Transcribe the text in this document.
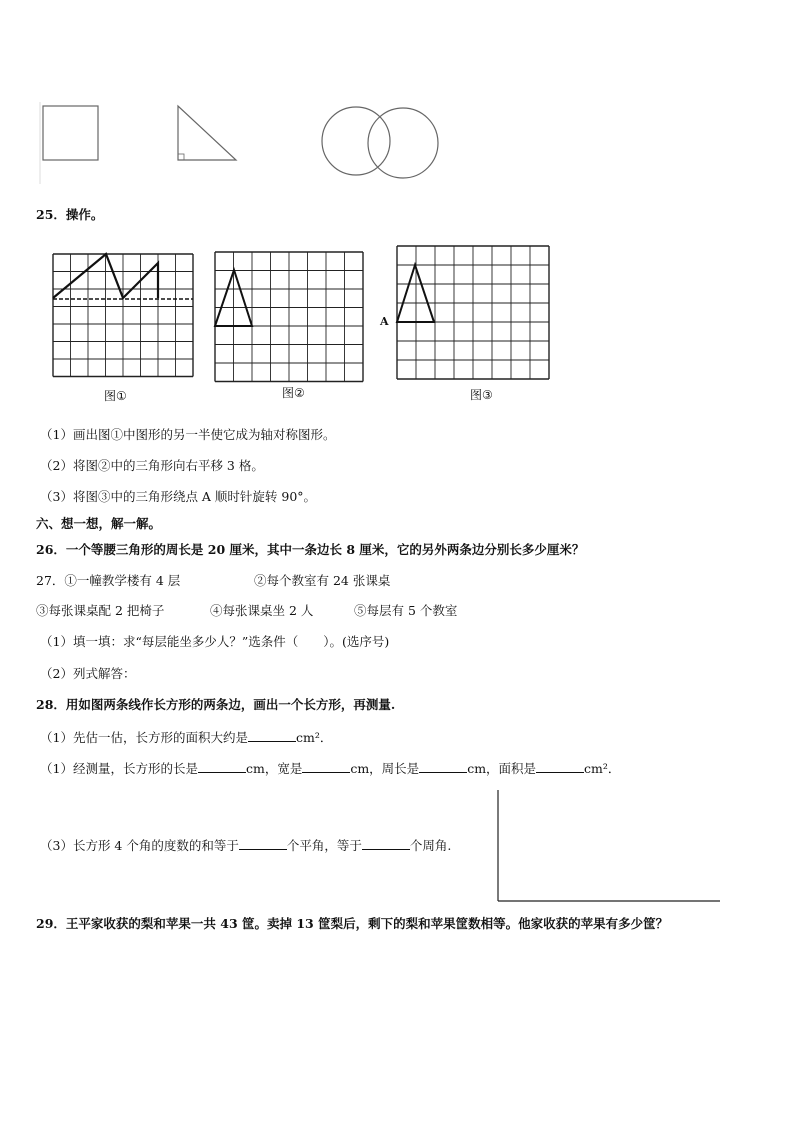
25．操作。
图①	图②	图③
A
（1）画出图①中图形的另一半使它成为轴对称图形。
（2）将图②中的三角形向右平移 3 格。
（3）将图③中的三角形绕点 A 顺时针旋转 90°。
六、想一想，解一解。
26．一个等腰三角形的周长是 20 厘米，其中一条边长 8 厘米，它的另外两条边分别长多少厘米？
27．①一幢教学楼有 4 层	②每个教室有 24 张课桌
③每张课桌配 2 把椅子	④每张课桌坐 2 人	⑤每层有 5 个教室
（1）填一填：求“每层能坐多少人？”选条件（　　）。(选序号)
（2）列式解答：
28．用如图两条线作长方形的两条边，画出一个长方形，再测量.
（1）先估一估，长方形的面积大约是	cm²．
（1）经测量，长方形的长是	cm，宽是	cm，周长是	cm，面积是	cm²．
（3）长方形 4 个角的度数的和等于	个平角，等于	个周角.
29．王平家收获的梨和苹果一共 43 筐。卖掉 13 筐梨后，剩下的梨和苹果筐数相等。他家收获的苹果有多少筐？
